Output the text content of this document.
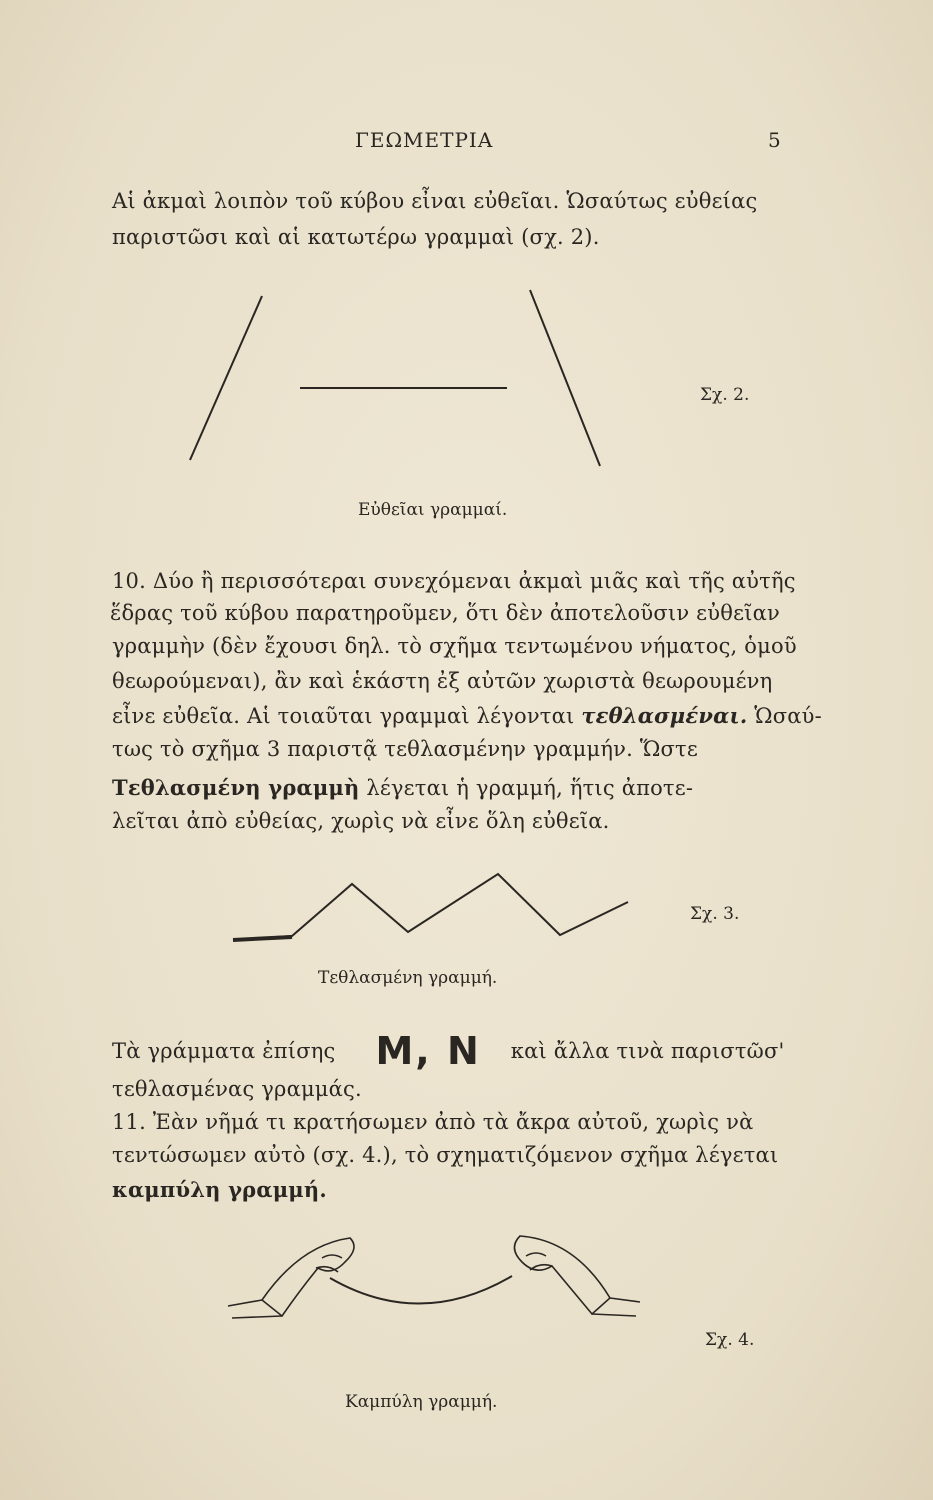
ΓΕΩΜΕΤΡΙΑ	5
Αἱ ἀκμαὶ λοιπὸν τοῦ κύβου εἶναι εὐθεῖαι. Ὡσαύτως εὐθείας
παριστῶσι καὶ αἱ κατωτέρω γραμμαὶ (σχ. 2).
Σχ. 2.
Εὐθεῖαι γραμμαί.
10. Δύο ἢ περισσότεραι συνεχόμεναι ἀκμαὶ μιᾶς καὶ τῆς αὐτῆς
ἕδρας τοῦ κύβου παρατηροῦμεν, ὅτι δὲν ἀποτελοῦσιν εὐθεῖαν
γραμμὴν (δὲν ἔχουσι δηλ. τὸ σχῆμα τεντωμένου νήματος, ὁμοῦ
θεωρούμεναι), ἂν καὶ ἑκάστη ἐξ αὐτῶν χωριστὰ θεωρουμένη
εἶνε εὐθεῖα. Αἱ τοιαῦται γραμμαὶ λέγονται τεθλασμέναι. Ὡσαύ-
τως τὸ σχῆμα 3 παριστᾷ τεθλασμένην γραμμήν. Ὥστε
Τεθλασμένη γραμμὴ λέγεται ἡ γραμμή, ἥτις ἀποτε-
λεῖται ἀπὸ εὐθείας, χωρὶς νὰ εἶνε ὅλη εὐθεῖα.
Σχ. 3.
Τεθλασμένη γραμμή.
Τὰ γράμματα ἐπίσης M, N καὶ ἄλλα τινὰ παριστῶσ'
τεθλασμένας γραμμάς.
11. Ἐὰν νῆμά τι κρατήσωμεν ἀπὸ τὰ ἄκρα αὐτοῦ, χωρὶς νὰ
τεντώσωμεν αὐτὸ (σχ. 4.), τὸ σχηματιζόμενον σχῆμα λέγεται
καμπύλη γραμμή.
Σχ. 4.
Καμπύλη γραμμή.
